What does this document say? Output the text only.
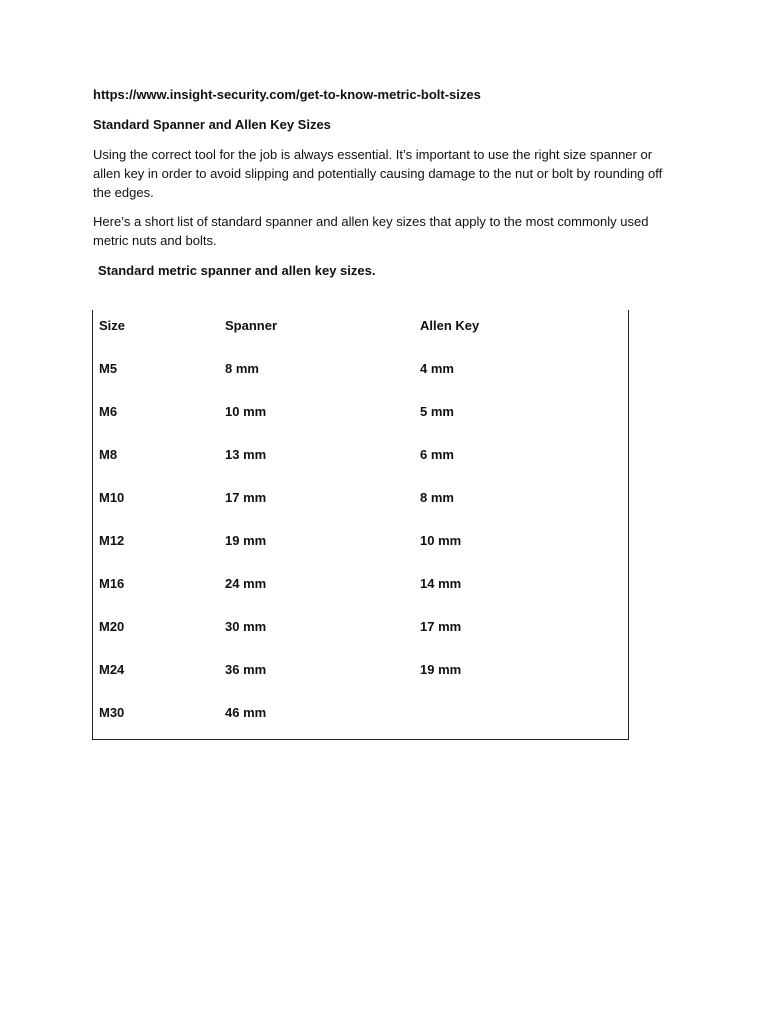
https://www.insight-security.com/get-to-know-metric-bolt-sizes
Standard Spanner and Allen Key Sizes
Using the correct tool for the job is always essential. It’s important to use the right size spanner or allen key in order to avoid slipping and potentially causing damage to the nut or bolt by rounding off the edges.
Here’s a short list of standard spanner and allen key sizes that apply to the most commonly used metric nuts and bolts.
Standard metric spanner and allen key sizes.
Size	Spanner	Allen Key
M5	8 mm	4 mm
M6	10 mm	5 mm
M8	13 mm	6 mm
M10	17 mm	8 mm
M12	19 mm	10 mm
M16	24 mm	14 mm
M20	30 mm	17 mm
M24	36 mm	19 mm
M30	46 mm
